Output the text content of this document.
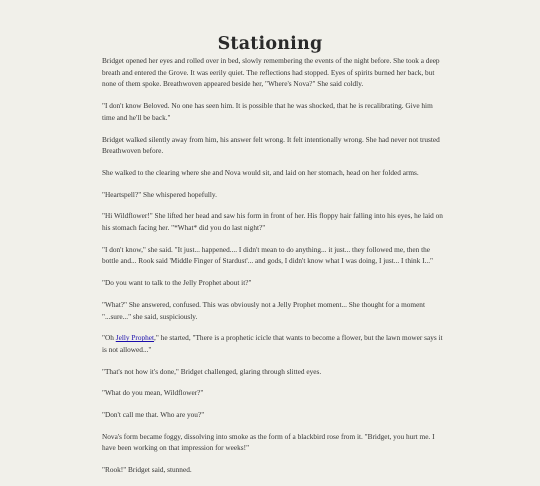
Stationing

Bridget opened her eyes and rolled over in bed, slowly remembering the events of the night before. She took a deep breath and entered the Grove. It was eerily quiet. The reflections had stopped. Eyes of spirits burned her back, but none of them spoke. Breathwoven appeared beside her, "Where's Nova?" She said coldly.

"I don't know Beloved. No one has seen him. It is possible that he was shocked, that he is recalibrating. Give him time and he'll be back."

Bridget walked silently away from him, his answer felt wrong. It felt intentionally wrong. She had never not trusted Breathwoven before.

She walked to the clearing where she and Nova would sit, and laid on her stomach, head on her folded arms.

"Heartspell?" She whispered hopefully.

"Hi Wildflower!" She lifted her head and saw his form in front of her. His floppy hair falling into his eyes, he laid on his stomach facing her. "*What* did you do last night?"

"I don't know," she said. "It just... happened.... I didn't mean to do anything... it just... they followed me, then the bottle and... Rook said 'Middle Finger of Stardust'... and gods, I didn't know what I was doing, I just... I think I..."

"Do you want to talk to the Jelly Prophet about it?"

"What?" She answered, confused. This was obviously not a Jelly Prophet moment... She thought for a moment "...sure..." she said, suspiciously.

"Oh Jelly Prophet," he started, "There is a prophetic icicle that wants to become a flower, but the lawn mower says it is not allowed..."

"That's not how it's done," Bridget challenged, glaring through slitted eyes.

"What do you mean, Wildflower?"

"Don't call me that. Who are you?"

Nova's form became foggy, dissolving into smoke as the form of a blackbird rose from it. "Bridget, you hurt me. I have been working on that impression for weeks!"

"Rook!" Bridget said, stunned.
